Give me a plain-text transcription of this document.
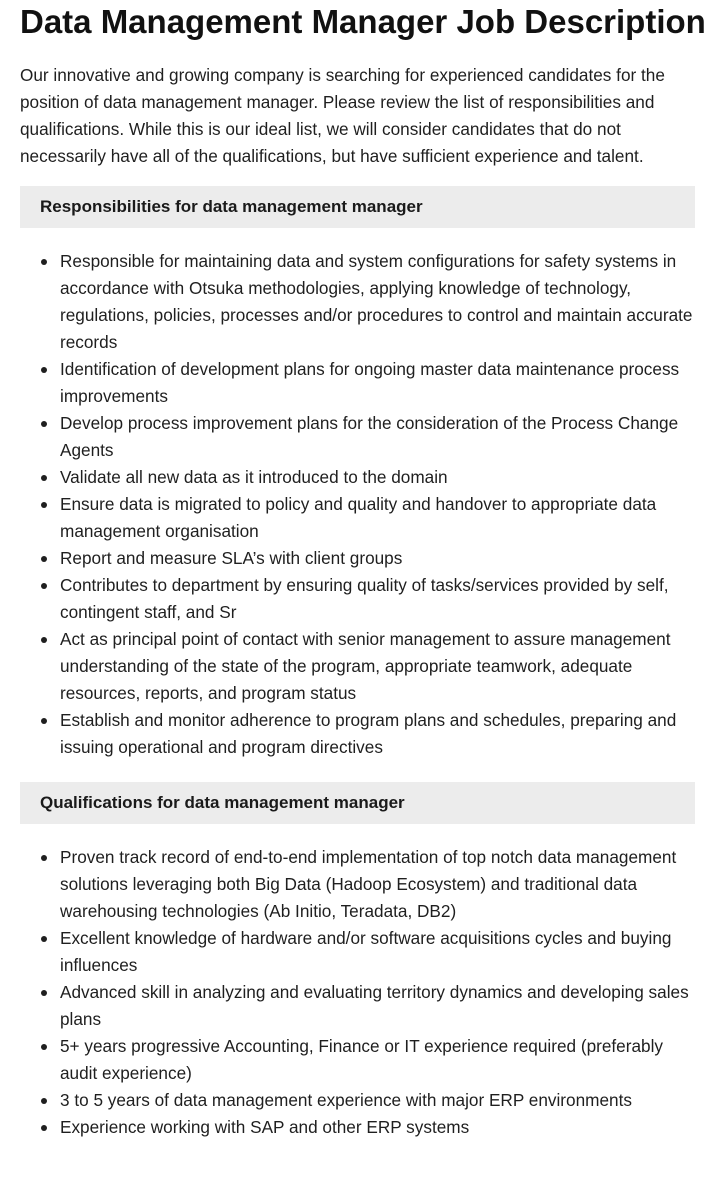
Data Management Manager Job Description

Our innovative and growing company is searching for experienced candidates for the position of data management manager. Please review the list of responsibilities and qualifications. While this is our ideal list, we will consider candidates that do not necessarily have all of the qualifications, but have sufficient experience and talent.

Responsibilities for data management manager
Responsible for maintaining data and system configurations for safety systems in accordance with Otsuka methodologies, applying knowledge of technology, regulations, policies, processes and/or procedures to control and maintain accurate records
Identification of development plans for ongoing master data maintenance process improvements
Develop process improvement plans for the consideration of the Process Change Agents
Validate all new data as it introduced to the domain
Ensure data is migrated to policy and quality and handover to appropriate data management organisation
Report and measure SLA’s with client groups
Contributes to department by ensuring quality of tasks/services provided by self, contingent staff, and Sr
Act as principal point of contact with senior management to assure management understanding of the state of the program, appropriate teamwork, adequate resources, reports, and program status
Establish and monitor adherence to program plans and schedules, preparing and issuing operational and program directives
Qualifications for data management manager
Proven track record of end-to-end implementation of top notch data management solutions leveraging both Big Data (Hadoop Ecosystem) and traditional data warehousing technologies (Ab Initio, Teradata, DB2)
Excellent knowledge of hardware and/or software acquisitions cycles and buying influences
Advanced skill in analyzing and evaluating territory dynamics and developing sales plans
5+ years progressive Accounting, Finance or IT experience required (preferably audit experience)
3 to 5 years of data management experience with major ERP environments
Experience working with SAP and other ERP systems
